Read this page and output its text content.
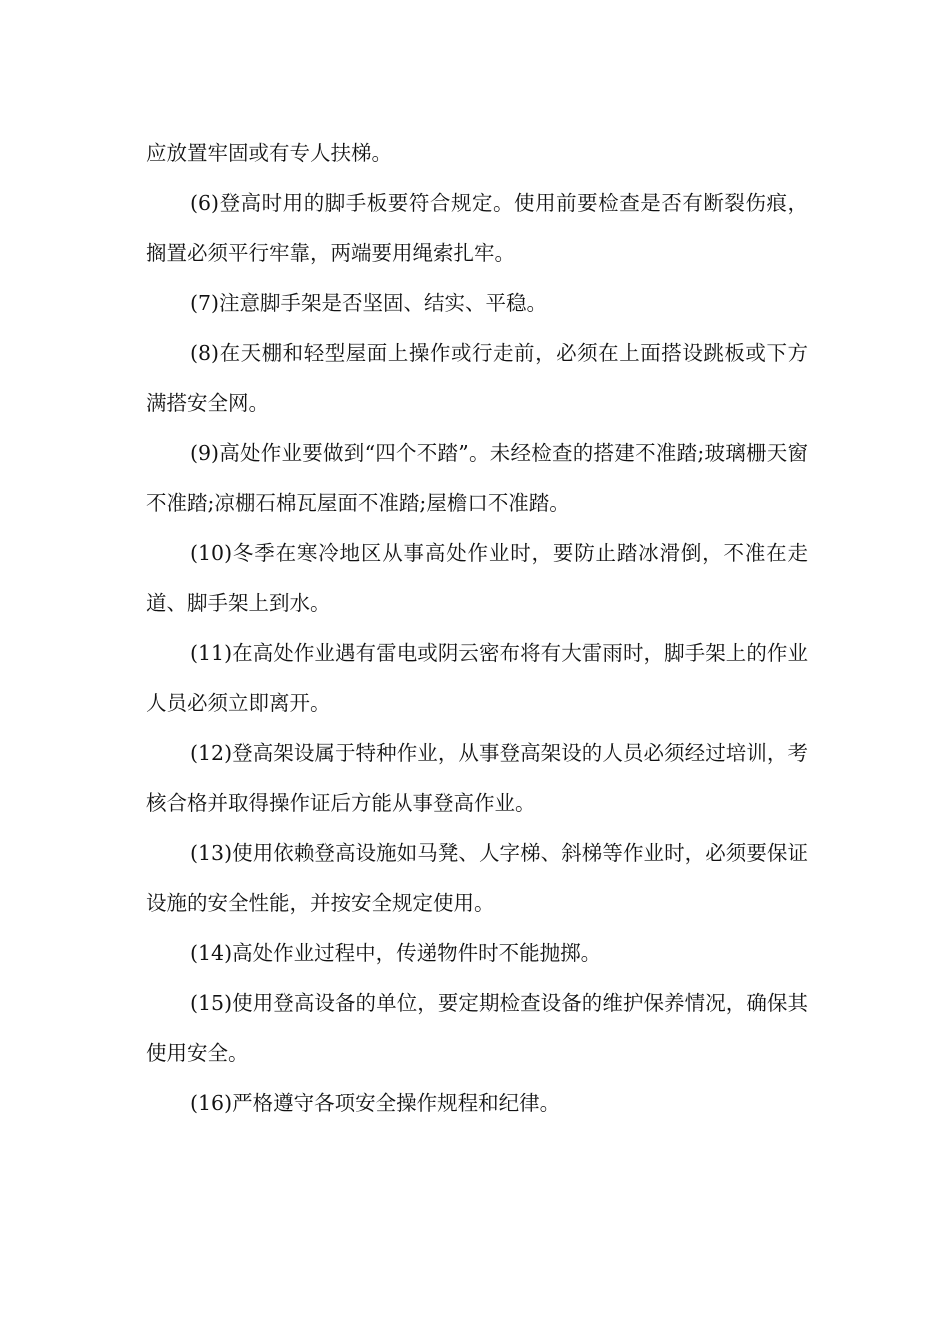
应放置牢固或有专人扶梯。

(6)登高时用的脚手板要符合规定。使用前要检查是否有断裂伤痕，搁置必须平行牢靠，两端要用绳索扎牢。

(7)注意脚手架是否坚固、结实、平稳。

(8)在天棚和轻型屋面上操作或行走前，必须在上面搭设跳板或下方满搭安全网。

(9)高处作业要做到“四个不踏”。未经检查的搭建不准踏;玻璃栅天窗不准踏;凉棚石棉瓦屋面不准踏;屋檐口不准踏。

(10)冬季在寒冷地区从事高处作业时，要防止踏冰滑倒，不准在走道、脚手架上到水。

(11)在高处作业遇有雷电或阴云密布将有大雷雨时，脚手架上的作业人员必须立即离开。

(12)登高架设属于特种作业，从事登高架设的人员必须经过培训，考核合格并取得操作证后方能从事登高作业。

(13)使用依赖登高设施如马凳、人字梯、斜梯等作业时，必须要保证设施的安全性能，并按安全规定使用。

(14)高处作业过程中，传递物件时不能抛掷。

(15)使用登高设备的单位，要定期检查设备的维护保养情况，确保其使用安全。

(16)严格遵守各项安全操作规程和纪律。
